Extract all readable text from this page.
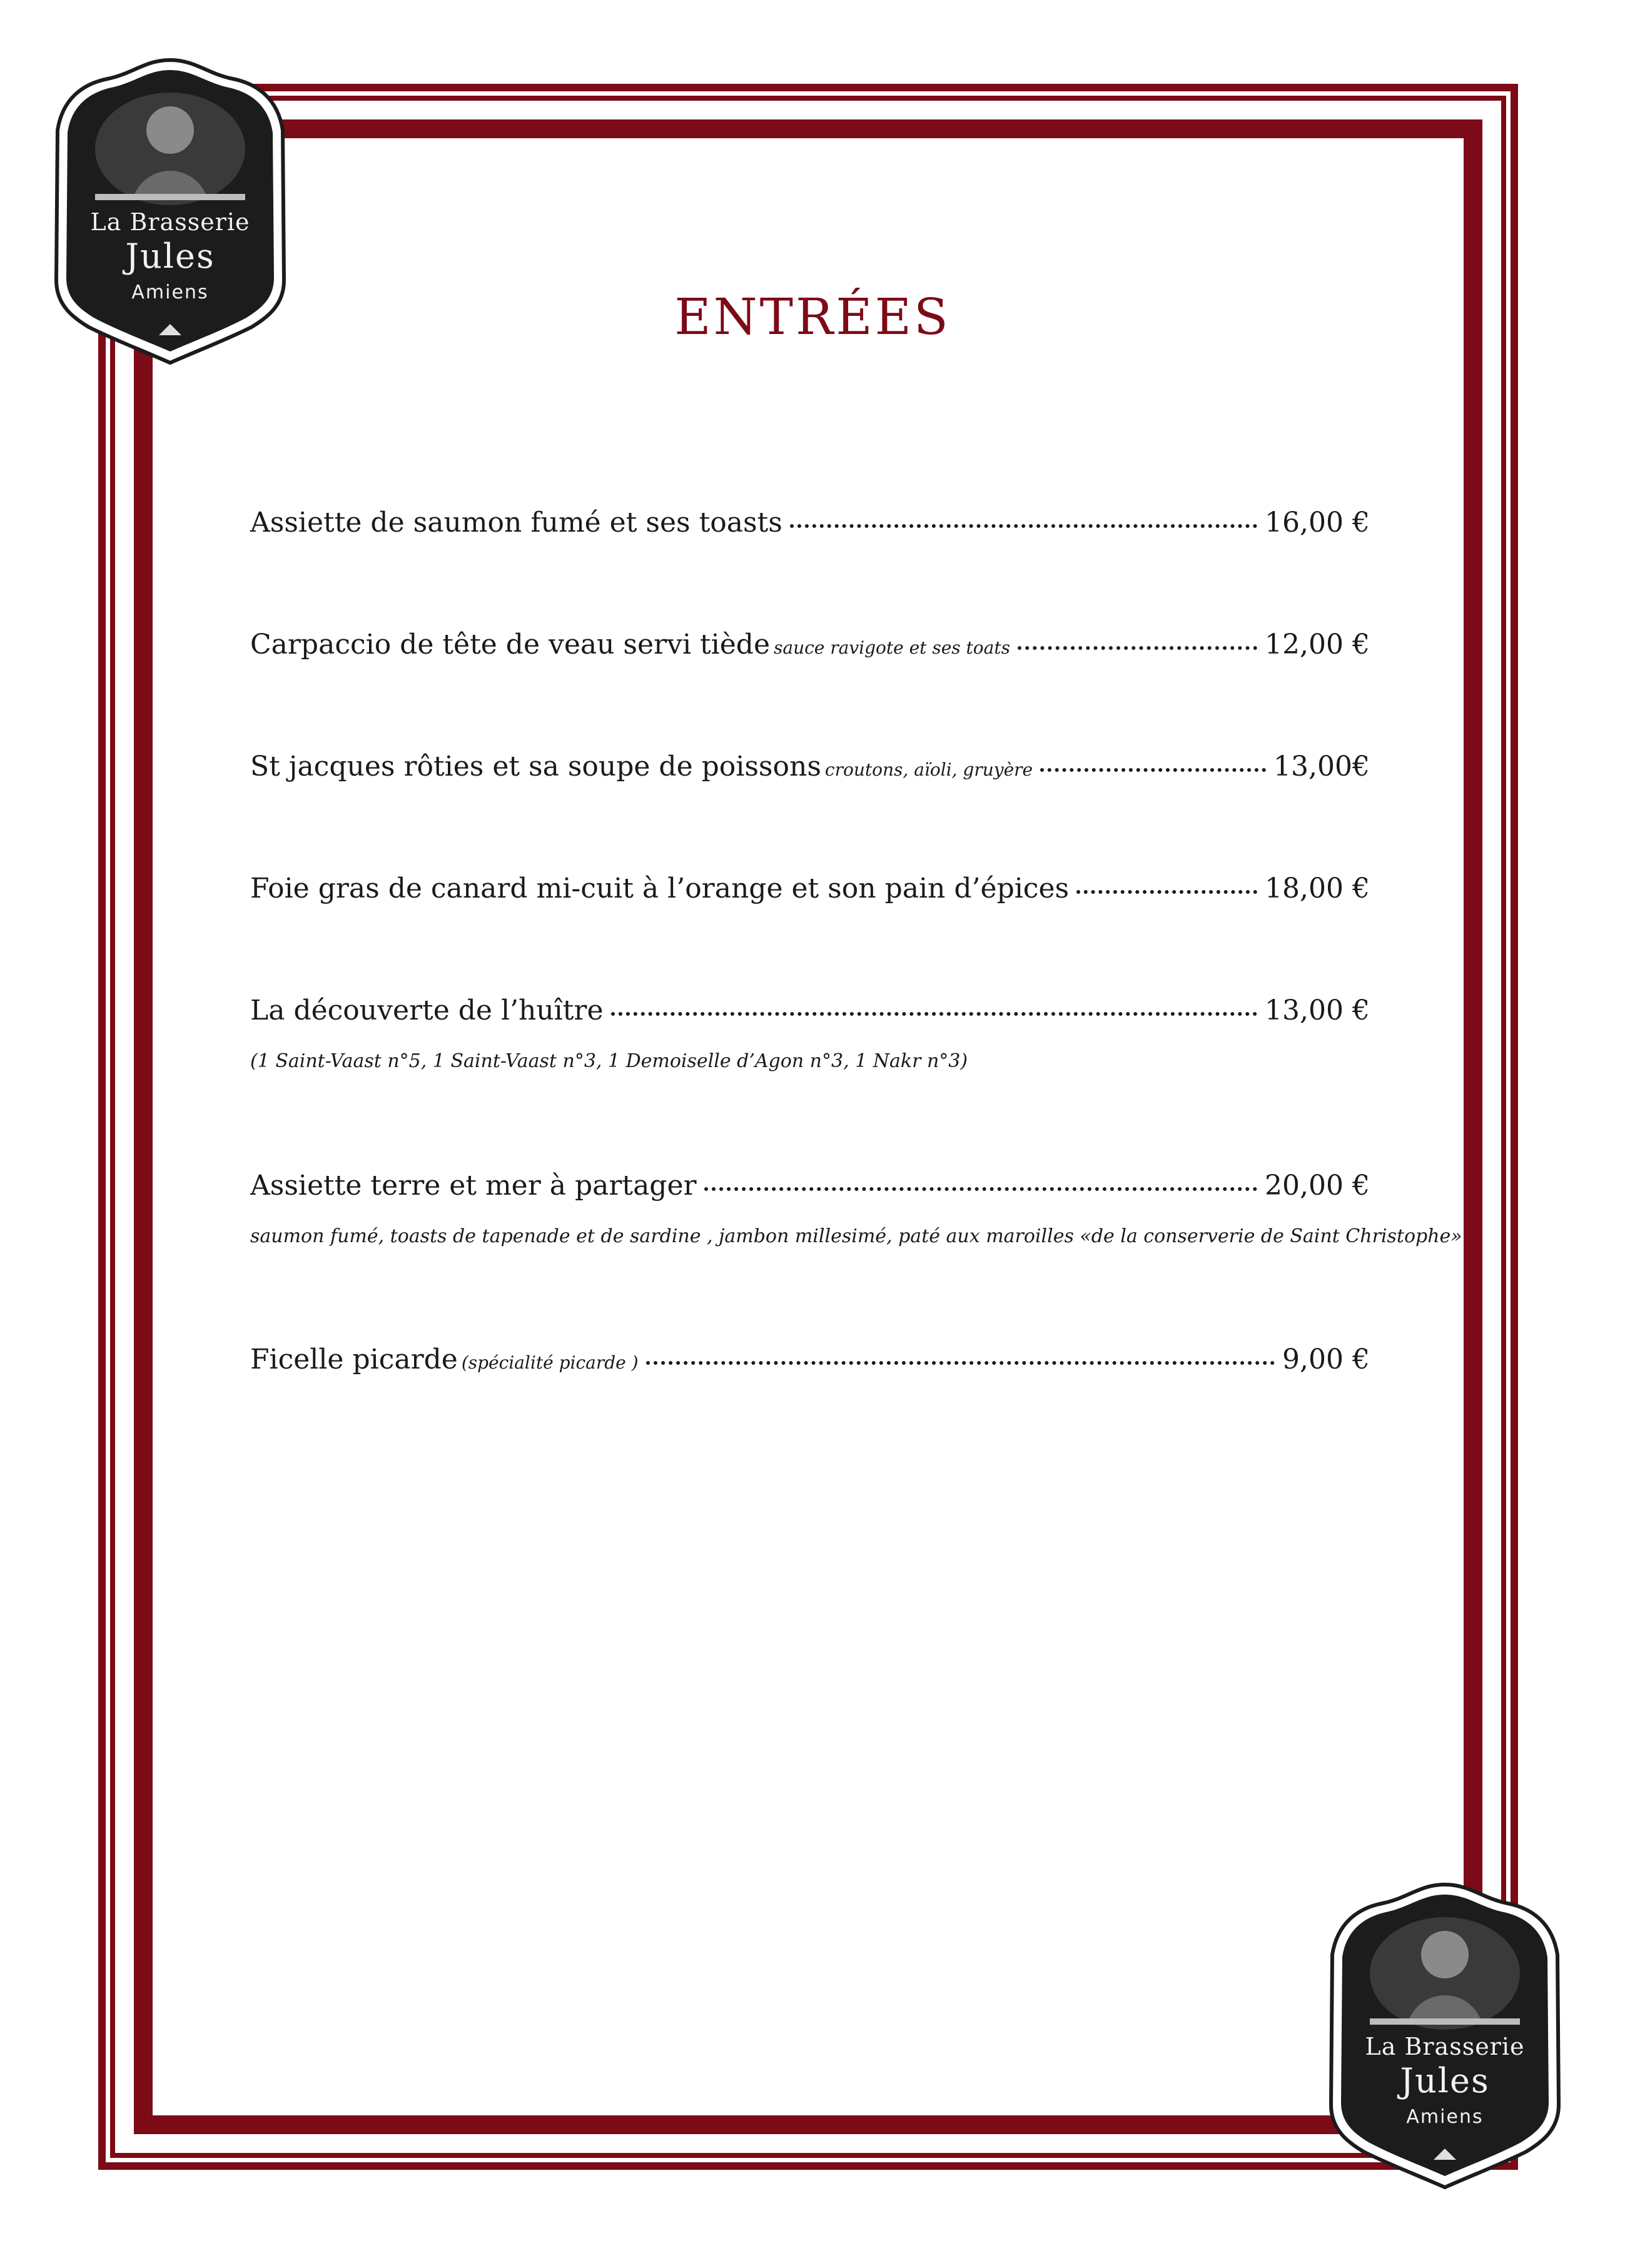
La Brasserie
Jules
Amiens
La Brasserie
Jules
Amiens
ENTRÉES
Assiette de saumon fumé et ses toasts	16,00 €
Carpaccio de tête de veau servi tiède sauce ravigote et ses toats	12,00 €
St jacques rôties et sa soupe de poissons croutons, aïoli, gruyère	13,00€
Foie gras de canard mi-cuit à l’orange et son pain d’épices	18,00 €
La découverte de l’huître	13,00 €
(1 Saint-Vaast n°5, 1 Saint-Vaast n°3, 1 Demoiselle d’Agon n°3, 1 Nakr n°3)
Assiette terre et mer à partager	20,00 €
saumon fumé, toasts de tapenade et de sardine , jambon millesimé, paté aux maroilles «de la conserverie de Saint Christophe»
Ficelle picarde (spécialité picarde )	9,00 €
